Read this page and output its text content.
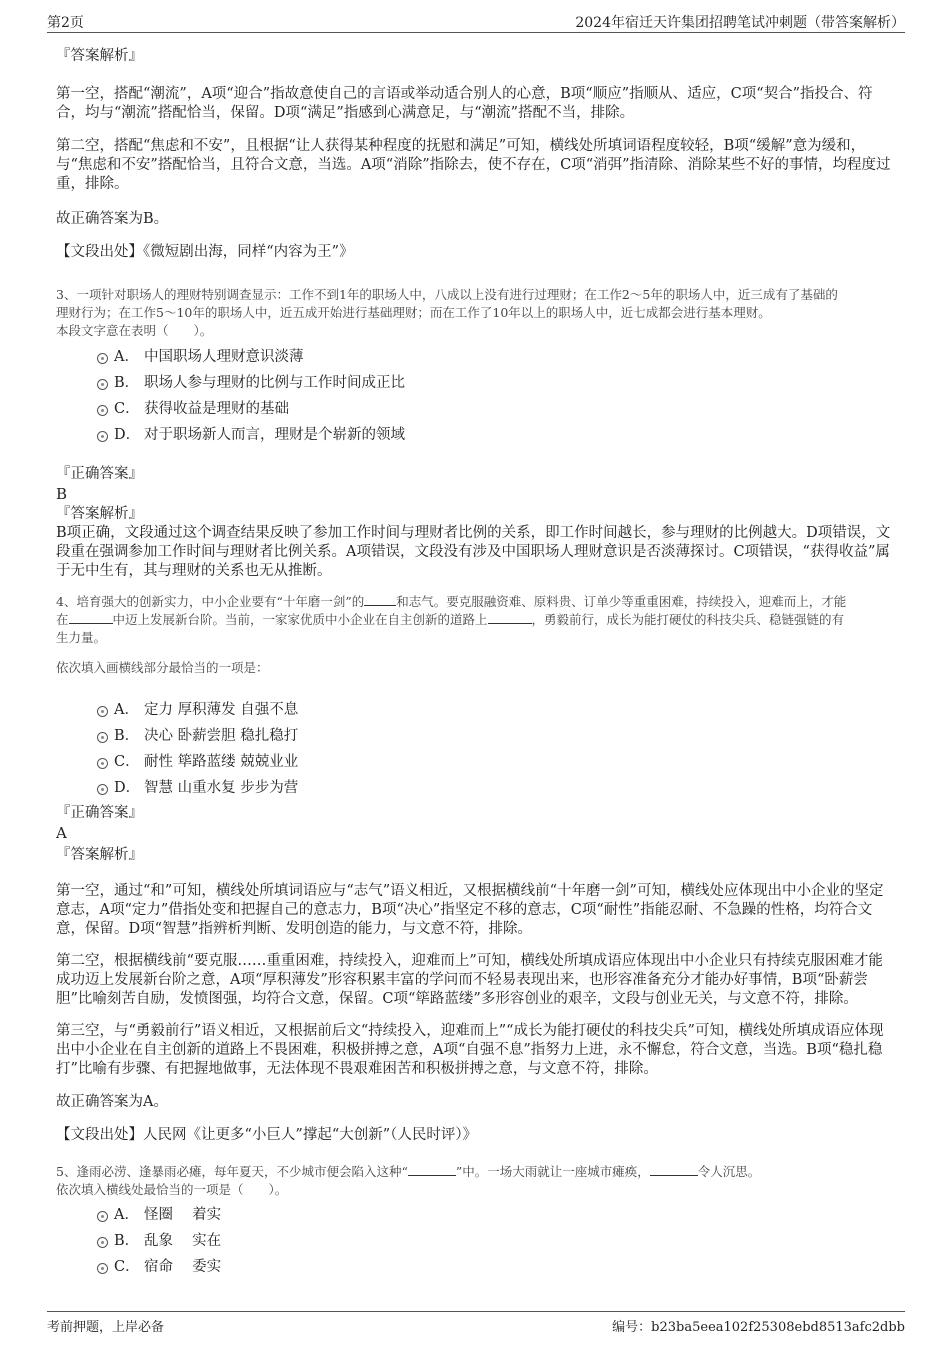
第2页	2024年宿迁天许集团招聘笔试冲刺题（带答案解析）

『答案解析』

第一空，搭配“潮流”，A项“迎合”指故意使自己的言语或举动适合别人的心意，B项“顺应”指顺从、适应，C项“契合”指投合、符合，均与“潮流”搭配恰当，保留。D项“满足”指感到心满意足，与“潮流”搭配不当，排除。

第二空，搭配“焦虑和不安”，且根据“让人获得某种程度的抚慰和满足”可知，横线处所填词语程度较轻，B项“缓解”意为缓和，与“焦虑和不安”搭配恰当，且符合文意，当选。A项“消除”指除去，使不存在，C项“消弭”指清除、消除某些不好的事情，均程度过重，排除。

故正确答案为B。

【文段出处】《微短剧出海，同样“内容为王”》

3、一项针对职场人的理财特别调查显示：工作不到1年的职场人中，八成以上没有进行过理财；在工作2～5年的职场人中，近三成有了基础的

理财行为；在工作5～10年的职场人中，近五成开始进行基础理财；而在工作了10年以上的职场人中，近七成都会进行基本理财。

本段文字意在表明（　　）。

A． 中国职场人理财意识淡薄
B． 职场人参与理财的比例与工作时间成正比
C． 获得收益是理财的基础
D． 对于职场新人而言，理财是个崭新的领域

『正确答案』

B

『答案解析』

B项正确，文段通过这个调查结果反映了参加工作时间与理财者比例的关系，即工作时间越长，参与理财的比例越大。D项错误，文段重在强调参加工作时间与理财者比例关系。A项错误，文段没有涉及中国职场人理财意识是否淡薄探讨。C项错误，“获得收益”属于无中生有，其与理财的关系也无从推断。

4、培育强大的创新实力，中小企业要有“十年磨一剑”的	和志气。要克服融资难、原料贵、订单少等重重困难，持续投入，迎难而上，才能
在	中迈上发展新台阶。当前，一家家优质中小企业在自主创新的道路上	，勇毅前行，成长为能打硬仗的科技尖兵、稳链强链的有
生力量。

依次填入画横线部分最恰当的一项是：

A． 定力 厚积薄发 自强不息
B． 决心 卧薪尝胆 稳扎稳打
C． 耐性 筚路蓝缕 兢兢业业
D． 智慧 山重水复 步步为营

『正确答案』

A

『答案解析』

第一空，通过“和”可知，横线处所填词语应与“志气”语义相近，又根据横线前“十年磨一剑”可知，横线处应体现出中小企业的坚定意志，A项“定力”借指处变和把握自己的意志力，B项“决心”指坚定不移的意志，C项“耐性”指能忍耐、不急躁的性格，均符合文意，保留。D项“智慧”指辨析判断、发明创造的能力，与文意不符，排除。

第二空，根据横线前“要克服……重重困难，持续投入，迎难而上”可知，横线处所填成语应体现出中小企业只有持续克服困难才能成功迈上发展新台阶之意，A项“厚积薄发”形容积累丰富的学问而不轻易表现出来，也形容准备充分才能办好事情，B项“卧薪尝胆”比喻刻苦自励，发愤图强，均符合文意，保留。C项“筚路蓝缕”多形容创业的艰辛，文段与创业无关，与文意不符，排除。

第三空，与“勇毅前行”语义相近，又根据前后文“持续投入，迎难而上”“成长为能打硬仗的科技尖兵”可知，横线处所填成语应体现出中小企业在自主创新的道路上不畏困难，积极拼搏之意，A项“自强不息”指努力上进，永不懈怠，符合文意，当选。B项“稳扎稳打”比喻有步骤、有把握地做事，无法体现不畏艰难困苦和积极拼搏之意，与文意不符，排除。

故正确答案为A。

【文段出处】人民网《让更多“小巨人”撑起“大创新”（人民时评）》

5、逢雨必涝、逢暴雨必瘫，每年夏天，不少城市便会陷入这种“	”中。一场大雨就让一座城市瘫痪，	令人沉思。

依次填入横线处最恰当的一项是（　　）。

A． 怪圈　 着实
B． 乱象　 实在
C． 宿命　 委实
考前押题，上岸必备	编号：b23ba5eea102f25308ebd8513afc2dbb
